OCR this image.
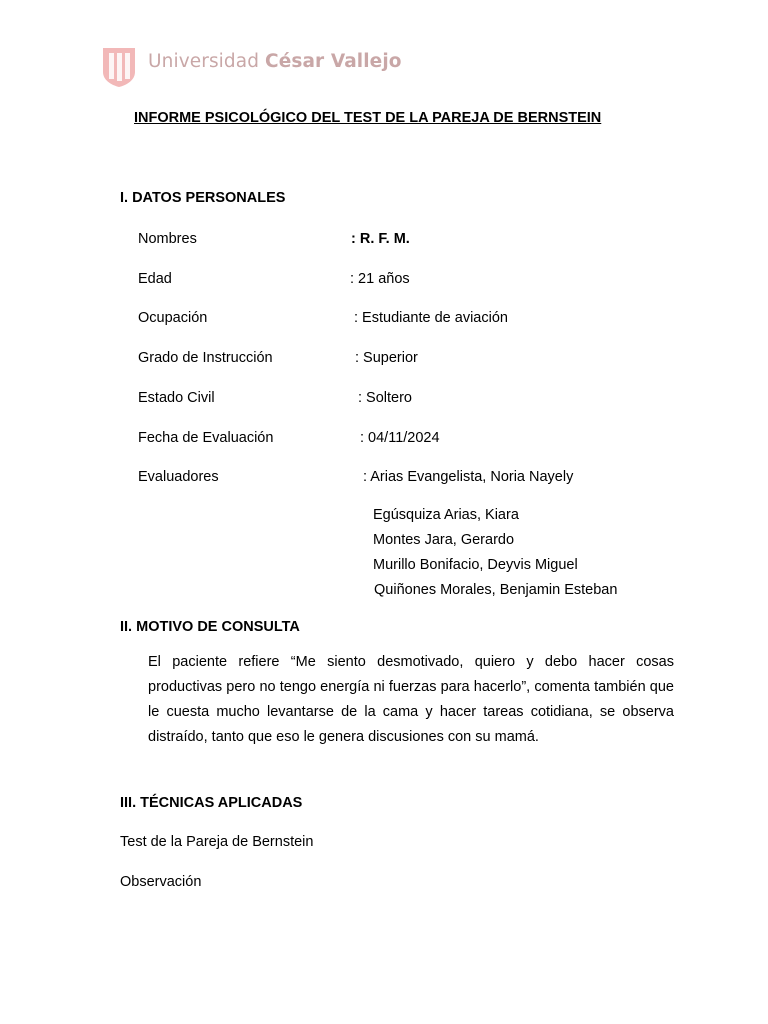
Universidad César Vallejo
INFORME PSICOLÓGICO DEL TEST DE LA PAREJA DE BERNSTEIN
I. DATOS PERSONALES
Nombres	: R. F. M.
Edad	: 21 años
Ocupación	: Estudiante de aviación
Grado de Instrucción	: Superior
Estado Civil	: Soltero
Fecha de Evaluación	: 04/11/2024
Evaluadores	: Arias Evangelista, Noria Nayely
Egúsquiza Arias, Kiara
Montes Jara, Gerardo
Murillo Bonifacio, Deyvis Miguel
Quiñones Morales, Benjamin Esteban
II. MOTIVO DE CONSULTA
El paciente refiere “Me siento desmotivado, quiero y debo hacer cosas productivas pero no tengo energía ni fuerzas para hacerlo”, comenta también que le cuesta mucho levantarse de la cama y hacer tareas cotidiana, se observa distraído, tanto que eso le genera discusiones con su mamá.
III. TÉCNICAS APLICADAS
Test de la Pareja de Bernstein
Observación
